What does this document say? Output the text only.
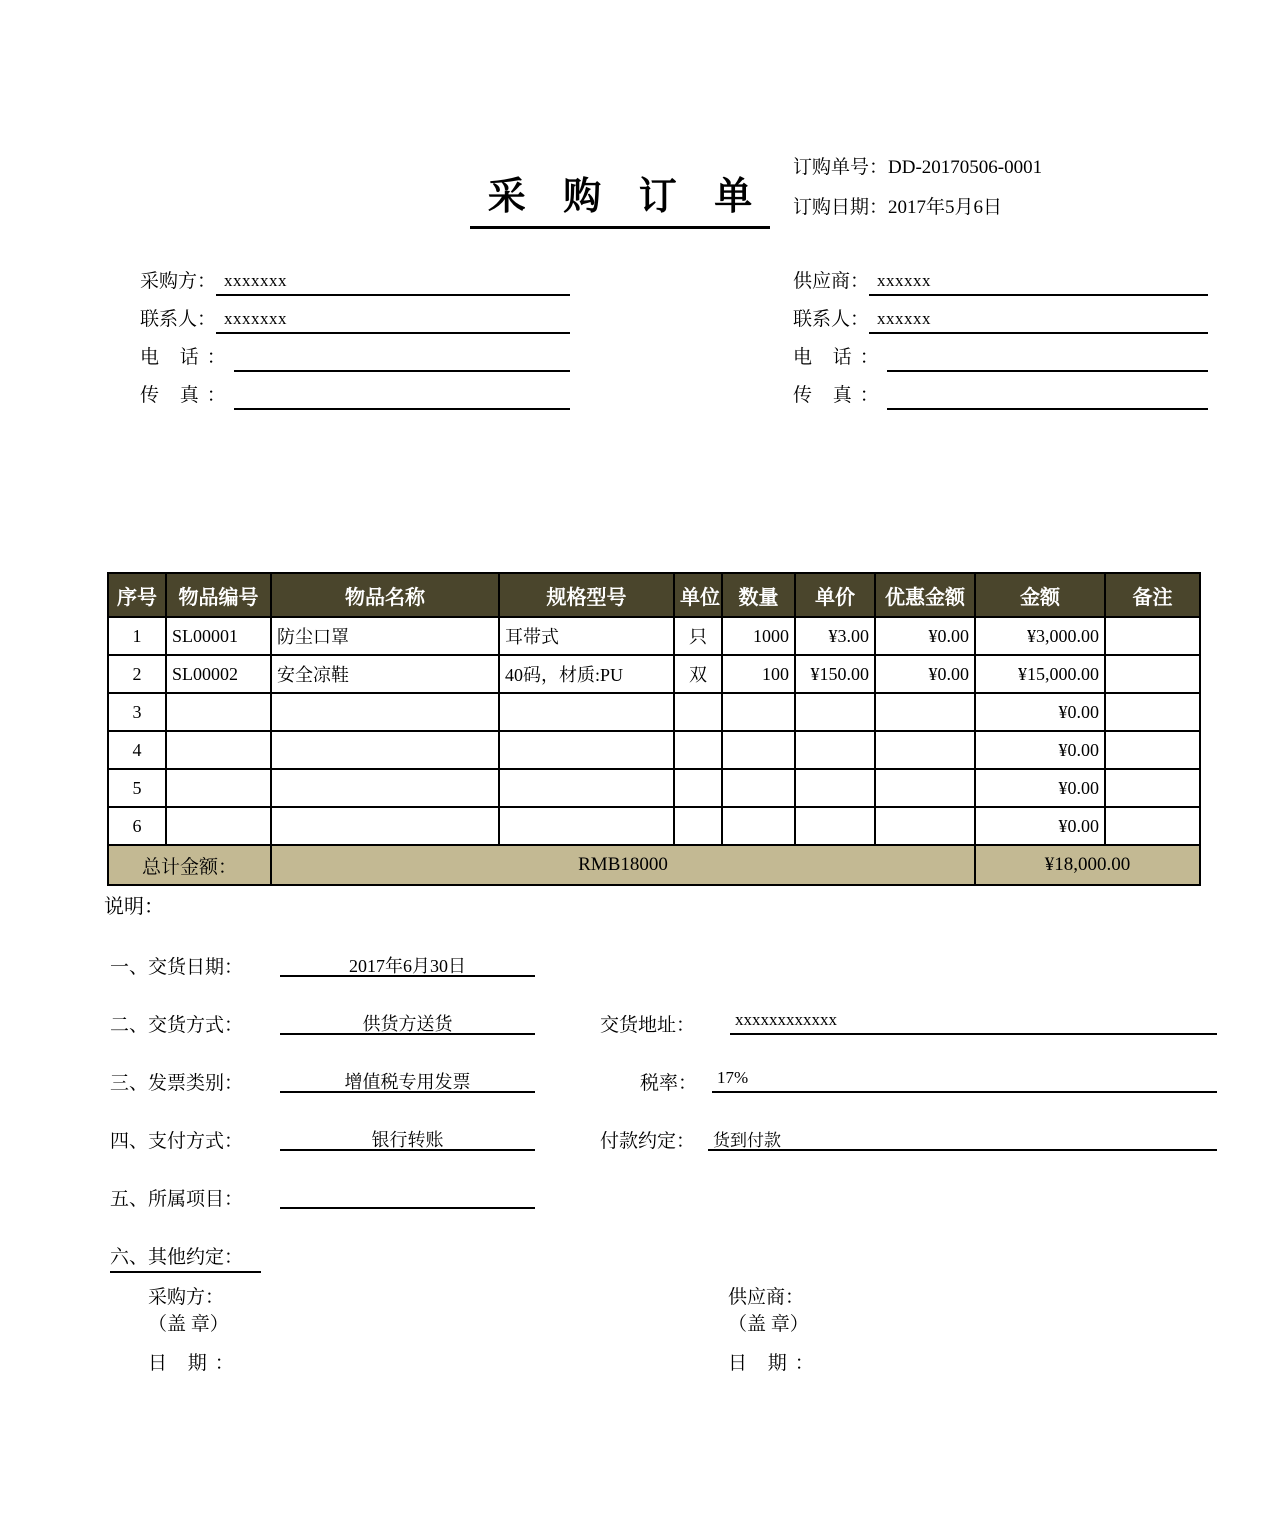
采 购 订 单
订购单号：DD-20170506-0001
订购日期：2017年5月6日
采购方： xxxxxxx
联系人： xxxxxxx
电 话：
传 真：
供应商： xxxxxx
联系人： xxxxxx
电 话：
传 真：
序号	物品编号	物品名称	规格型号	单位	数量	单价	优惠金额	金额	备注
1	SL00001	防尘口罩	耳带式	只	1000	¥3.00	¥0.00	¥3,000.00	
2	SL00002	安全凉鞋	40码，材质:PU	双	100	¥150.00	¥0.00	¥15,000.00	
3								¥0.00	
4								¥0.00	
5								¥0.00	
6								¥0.00	
总计金额：		RMB18000						¥18,000.00	
说明：
一、交货日期：	2017年6月30日
二、交货方式：	供货方送货	交货地址： xxxxxxxxxxxx
三、发票类别：	增值税专用发票	税率： 17%
四、支付方式：	银行转账	付款约定： 货到付款
五、所属项目：
六、其他约定：
采购方：
（盖 章）
日 期：
供应商：
（盖 章）
日 期：
